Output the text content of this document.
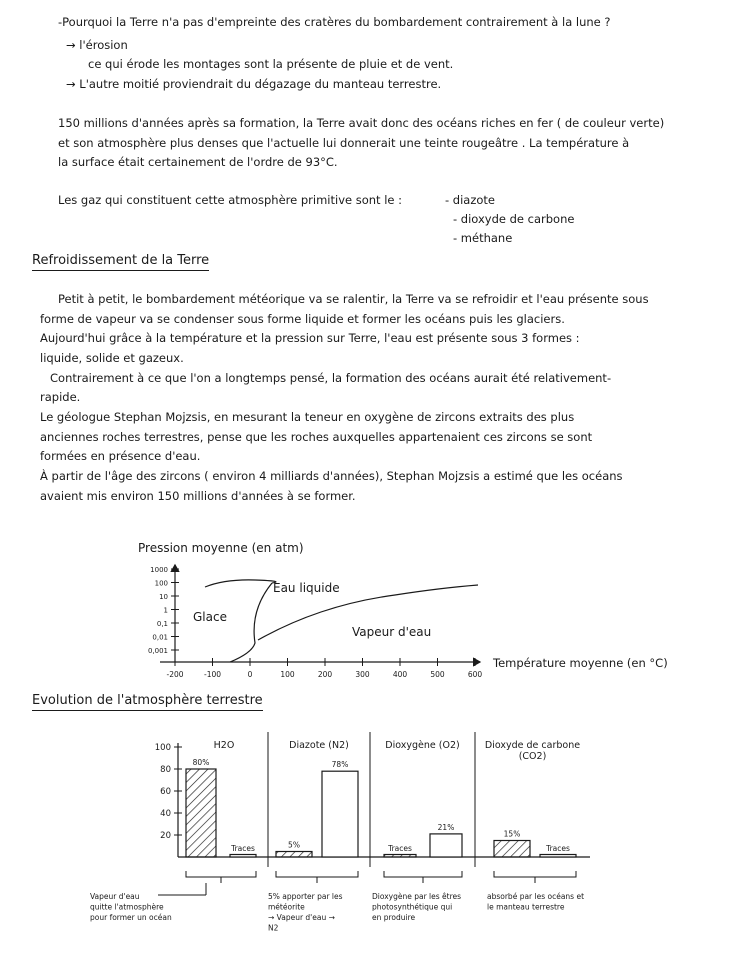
-Pourquoi la Terre n'a pas d'empreinte des cratères du bombardement contrairement à la lune ?
→ l'érosion
ce qui érode les montages sont la présente de pluie et de vent.
→ L'autre moitié proviendrait du dégazage du manteau terrestre.
150 millions d'années après sa formation, la Terre avait donc des océans riches en fer ( de couleur verte)
et son atmosphère plus denses que l'actuelle lui donnerait une teinte rougeâtre . La température à
la surface était certainement de l'ordre de 93°C.
Les gaz qui constituent cette atmosphère primitive sont le :	- diazote
- dioxyde de carbone
- méthane
Refroidissement de la Terre
Petit à petit, le bombardement météorique va se ralentir, la Terre va se refroidir et l'eau présente sous
forme de vapeur va se condenser sous forme liquide et former les océans puis les glaciers.
Aujourd'hui grâce à la température et la pression sur Terre, l'eau est présente sous 3 formes :
liquide, solide et gazeux.
Contrairement à ce que l'on a longtemps pensé, la formation des océans aurait été relativement-
rapide.
Le géologue Stephan Mojzsis, en mesurant la teneur en oxygène de zircons extraits des plus
anciennes roches terrestres, pense que les roches auxquelles appartenaient ces zircons se sont
formées en présence d'eau.
À partir de l'âge des zircons ( environ 4 milliards d'années), Stephan Mojzsis a estimé que les océans
avaient mis environ 150 millions d'années à se former.
Pression moyenne (en atm)
1000
100
10
1
0,1
0,01
0,001
-200	-100	0	100	200	300	400	500	600
Glace
Eau liquide
Vapeur d'eau
Température moyenne (en °C)
Evolution de l'atmosphère terrestre
100
80
60
40
20
H2O
80%
Traces
Diazote (N2)
5%
78%
Dioxygène (O2)
Traces
21%
Dioxyde de carbone
(CO2)
15%
Traces
Vapeur d'eau
quitte l'atmosphère
pour former un océan
5% apporter par les
météorite
→ Vapeur d'eau →
N2
Dioxygène par les êtres
photosynthétique qui
en produire
absorbé par les océans et
le manteau terrestre
